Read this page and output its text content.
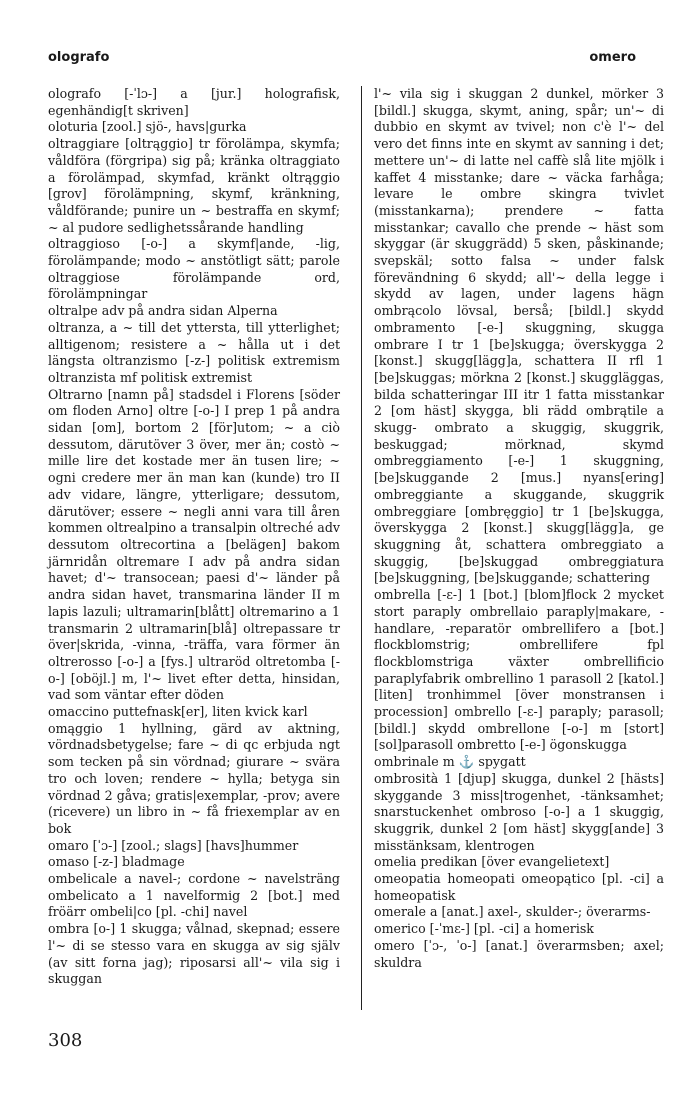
olografo	omero
olografo [-ˈlɔ-] a [jur.] holografisk, egenhändig[t skriven]
oloturia [zool.] sjö-, havs|gurka
oltraggiare [oltrąggio] tr förolämpa, skymfa; våldföra (förgripa) sig på; kränka oltraggiato a förolämpad, skymfad, kränkt oltrąggio [grov] förolämpning, skymf, kränkning, våldförande; punire un ~ bestraffa en skymf; ~ al pudore sedlighetssårande handling
oltraggioso [-o-] a skymf|ande, -lig, förolämpande; modo ~ anstötligt sätt; parole oltraggiose förolämpande ord, förolämpningar
oltralpe adv på andra sidan Alperna
oltranza, a ~ till det yttersta, till ytterlighet; alltigenom; resistere a ~ hålla ut i det längsta oltranzismo [-z-] politisk extremism oltranzista mf politisk extremist
Oltrarno [namn på] stadsdel i Florens [söder om floden Arno] oltre [-o-] I prep 1 på andra sidan [om], bortom 2 [för]utom; ~ a ciò dessutom, därutöver 3 över, mer än; costò ~ mille lire det kostade mer än tusen lire; ~ ogni credere mer än man kan (kunde) tro II adv vidare, längre, ytterligare; dessutom, därutöver; essere ~ negli anni vara till åren kommen oltrealpino a transalpin oltreché adv dessutom oltrecortina a [belägen] bakom järnridån oltremare I adv på andra sidan havet; d'~ transocean; paesi d'~ länder på andra sidan havet, transmarina länder II m lapis lazuli; ultramarin[blått] oltremarino a 1 transmarin 2 ultramarin[blå] oltrepassare tr över|skrida, -vinna, -träffa, vara förmer än oltrerosso [-o-] a [fys.] ultraröd oltretomba [-o-] [oböjl.] m, l'~ livet efter detta, hinsidan, vad som väntar efter döden
omaccino puttefnask[er], liten kvick karl
omąggio 1 hyllning, gärd av aktning, vördnadsbetygelse; fare ~ di qc erbjuda ngt som tecken på sin vördnad; giurare ~ svära tro och loven; rendere ~ hylla; betyga sin vördnad 2 gåva; gratis|exemplar, -prov; avere (ricevere) un libro in ~ få friexemplar av en bok
omaro [ˈɔ-] [zool.; slags] [havs]hummer
omaso [-z-] bladmage
ombelicale a navel-; cordone ~ navelsträng ombelicato a 1 navelformig 2 [bot.] med fröärr ombeli|co [pl. -chi] navel
ombra [o-] 1 skugga; vålnad, skepnad; essere l'~ di se stesso vara en skugga av sig själv (av sitt forna jag); riposarsi all'~ vila sig i skuggan
l'~ vila sig i skuggan 2 dunkel, mörker 3 [bildl.] skugga, skymt, aning, spår; un'~ di dubbio en skymt av tvivel; non c'è l'~ del vero det finns inte en skymt av sanning i det; mettere un'~ di latte nel caffè slå lite mjölk i kaffet 4 misstanke; dare ~ väcka farhåga; levare le ombre skingra tvivlet (misstankarna); prendere ~ fatta misstankar; cavallo che prende ~ häst som skyggar (är skuggrädd) 5 sken, påskinande; svepskäl; sotto falsa ~ under falsk förevändning 6 skydd; all'~ della legge i skydd av lagen, under lagens hägn ombrącolo lövsal, berså; [bildl.] skydd ombramento [-e-] skuggning, skugga ombrare I tr 1 [be]skugga; överskygga 2 [konst.] skugg[lägg]a, schattera II rfl 1 [be]skuggas; mörkna 2 [konst.] skuggläggas, bilda schatteringar III itr 1 fatta misstankar 2 [om häst] skygga, bli rädd ombrątile a skugg- ombrato a skuggig, skuggrik, beskuggad; mörknad, skymd ombreggiamento [-e-] 1 skuggning, [be]skuggande 2 [mus.] nyans[ering] ombreggiante a skuggande, skuggrik ombreggiare [ombręggio] tr 1 [be]skugga, överskygga 2 [konst.] skugg[lägg]a, ge skuggning åt, schattera ombreggiato a skuggig, [be]skuggad ombreggiatura [be]skuggning, [be]skuggande; schattering
ombrella [-ɛ-] 1 [bot.] [blom]flock 2 mycket stort paraply ombrellaio paraply|makare, -handlare, -reparatör ombrellifero a [bot.] flockblomstrig; ombrellifere fpl flockblomstriga växter ombrellificio paraplyfabrik ombrellino 1 parasoll 2 [katol.] [liten] tronhimmel [över monstransen i procession] ombrello [-ɛ-] paraply; parasoll; [bildl.] skydd ombrellone [-o-] m [stort] [sol]parasoll ombretto [-e-] ögonskugga
ombrinale m ⚓ spygatt
ombrosità 1 [djup] skugga, dunkel 2 [hästs] skyggande 3 miss|trogenhet, -tänksamhet; snarstuckenhet ombroso [-o-] a 1 skuggig, skuggrik, dunkel 2 [om häst] skygg[ande] 3 misstänksam, klentrogen
omelia predikan [över evangelietext]
omeopatia homeopati omeopątico [pl. -ci] a homeopatisk
omerale a [anat.] axel-, skulder-; överarms-
omerico [-ˈmɛ-] [pl. -ci] a homerisk
omero [ˈɔ-, ˈo-] [anat.] överarmsben; axel; skuldra
308
